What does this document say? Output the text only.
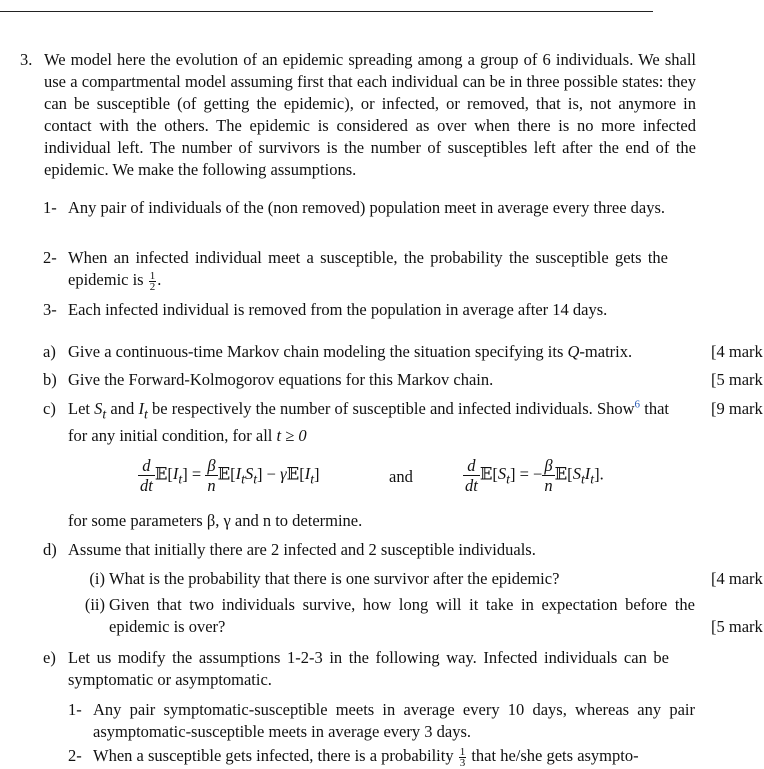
3. We model here the evolution of an epidemic spreading among a group of 6 individuals. We shall use a compartmental model assuming first that each individual can be in three possible states: they can be susceptible (of getting the epidemic), or infected, or removed, that is, not anymore in contact with the others. The epidemic is considered as over when there is no more infected individual left. The number of survivors is the number of susceptibles left after the end of the epidemic. We make the following assumptions.
1- Any pair of individuals of the (non removed) population meet in average every three days.
2- When an infected individual meet a susceptible, the probability the susceptible gets the epidemic is $\frac{1}{2}$ .
3- Each infected individual is removed from the population in average after 14 days.
a) Give a continuous-time Markov chain modeling the situation specifying its Q-matrix.	[4 mark
b) Give the Forward-Kolmogorov equations for this Markov chain.	[5 mark
c) Let $S_t$ and $I_t$ be respectively the number of susceptible and infected individuals. Show$^6$ that for any initial condition, for all t ≥ 0
[9 mark
$\frac{d}{dt}$ $𝔼[I_t] = \frac{\beta}{n}$ $𝔼[I_tS_t]$ − $\gamma 𝔼[I_t]$	and	$\frac{d}{dt}$ $𝔼[S_t]$ = − $\frac{\beta}{n}$ $𝔼[S_tI_t]$.
for some parameters β, γ and n to determine.
d) Assume that initially there are 2 infected and 2 susceptible individuals.
(i) What is the probability that there is one survivor after the epidemic?	[4 mark
(ii) Given that two individuals survive, how long will it take in expectation before the epidemic is over?	[5 mark
e) Let us modify the assumptions 1-2-3 in the following way. Infected individuals can be symptomatic or asymptomatic.
1- Any pair symptomatic-susceptible meets in average every 10 days, whereas any pair asymptomatic-susceptible meets in average every 3 days.
2- When a susceptible gets infected, there is a probability $\frac{1}{3}$ that he/she gets asympto-
